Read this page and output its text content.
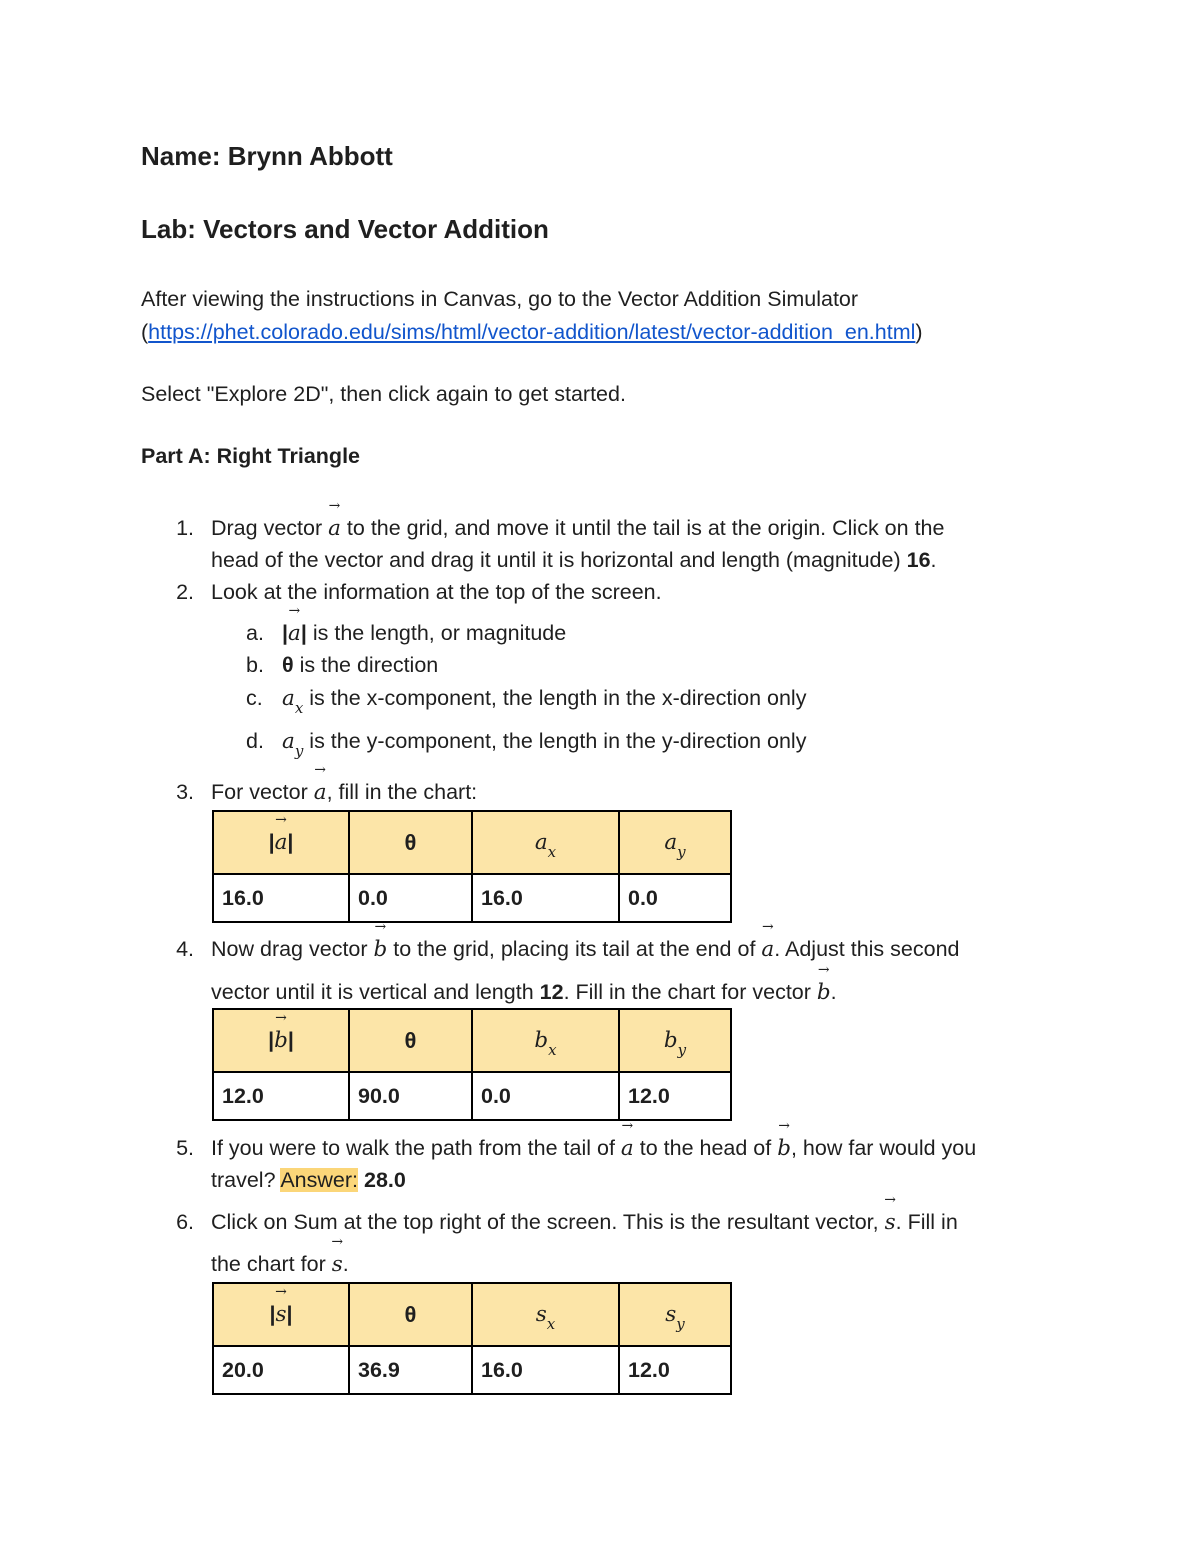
Name: Brynn Abbott
Lab: Vectors and Vector Addition
After viewing the instructions in Canvas, go to the Vector Addition Simulator
(https://phet.colorado.edu/sims/html/vector-addition/latest/vector-addition_en.html)
Select "Explore 2D", then click again to get started.
Part A: Right Triangle
1. Drag vector
→
a to the grid, and move it until the tail is at the origin. Click on the
head of the vector and drag it until it is horizontal and length (magnitude) 16.
2. Look at the information at the top of the screen.
a. |
→
a| is the length, or magnitude
b. θ is the direction
c. $a_x$ is the x-component, the length in the x-direction only
d. $a_y$ is the y-component, the length in the y-direction only
3. For vector
→
a, fill in the chart:
|
→
a|	θ	$a_x$	$a_y$
16.0	0.0	16.0	0.0
4. Now drag vector
→
b to the grid, placing its tail at the end of
→
a. Adjust this second
vector until it is vertical and length 12. Fill in the chart for vector
→
b.
|
→
b|	θ	$b_x$	$b_y$
12.0	90.0	0.0	12.0
5. If you were to walk the path from the tail of
→
a to the head of
→
b, how far would you
travel? Answer: 28.0
6. Click on Sum at the top right of the screen. This is the resultant vector,
→
s. Fill in
the chart for
→
s.
|
→
s|	θ	$s_x$	$s_y$
20.0	36.9	16.0	12.0
